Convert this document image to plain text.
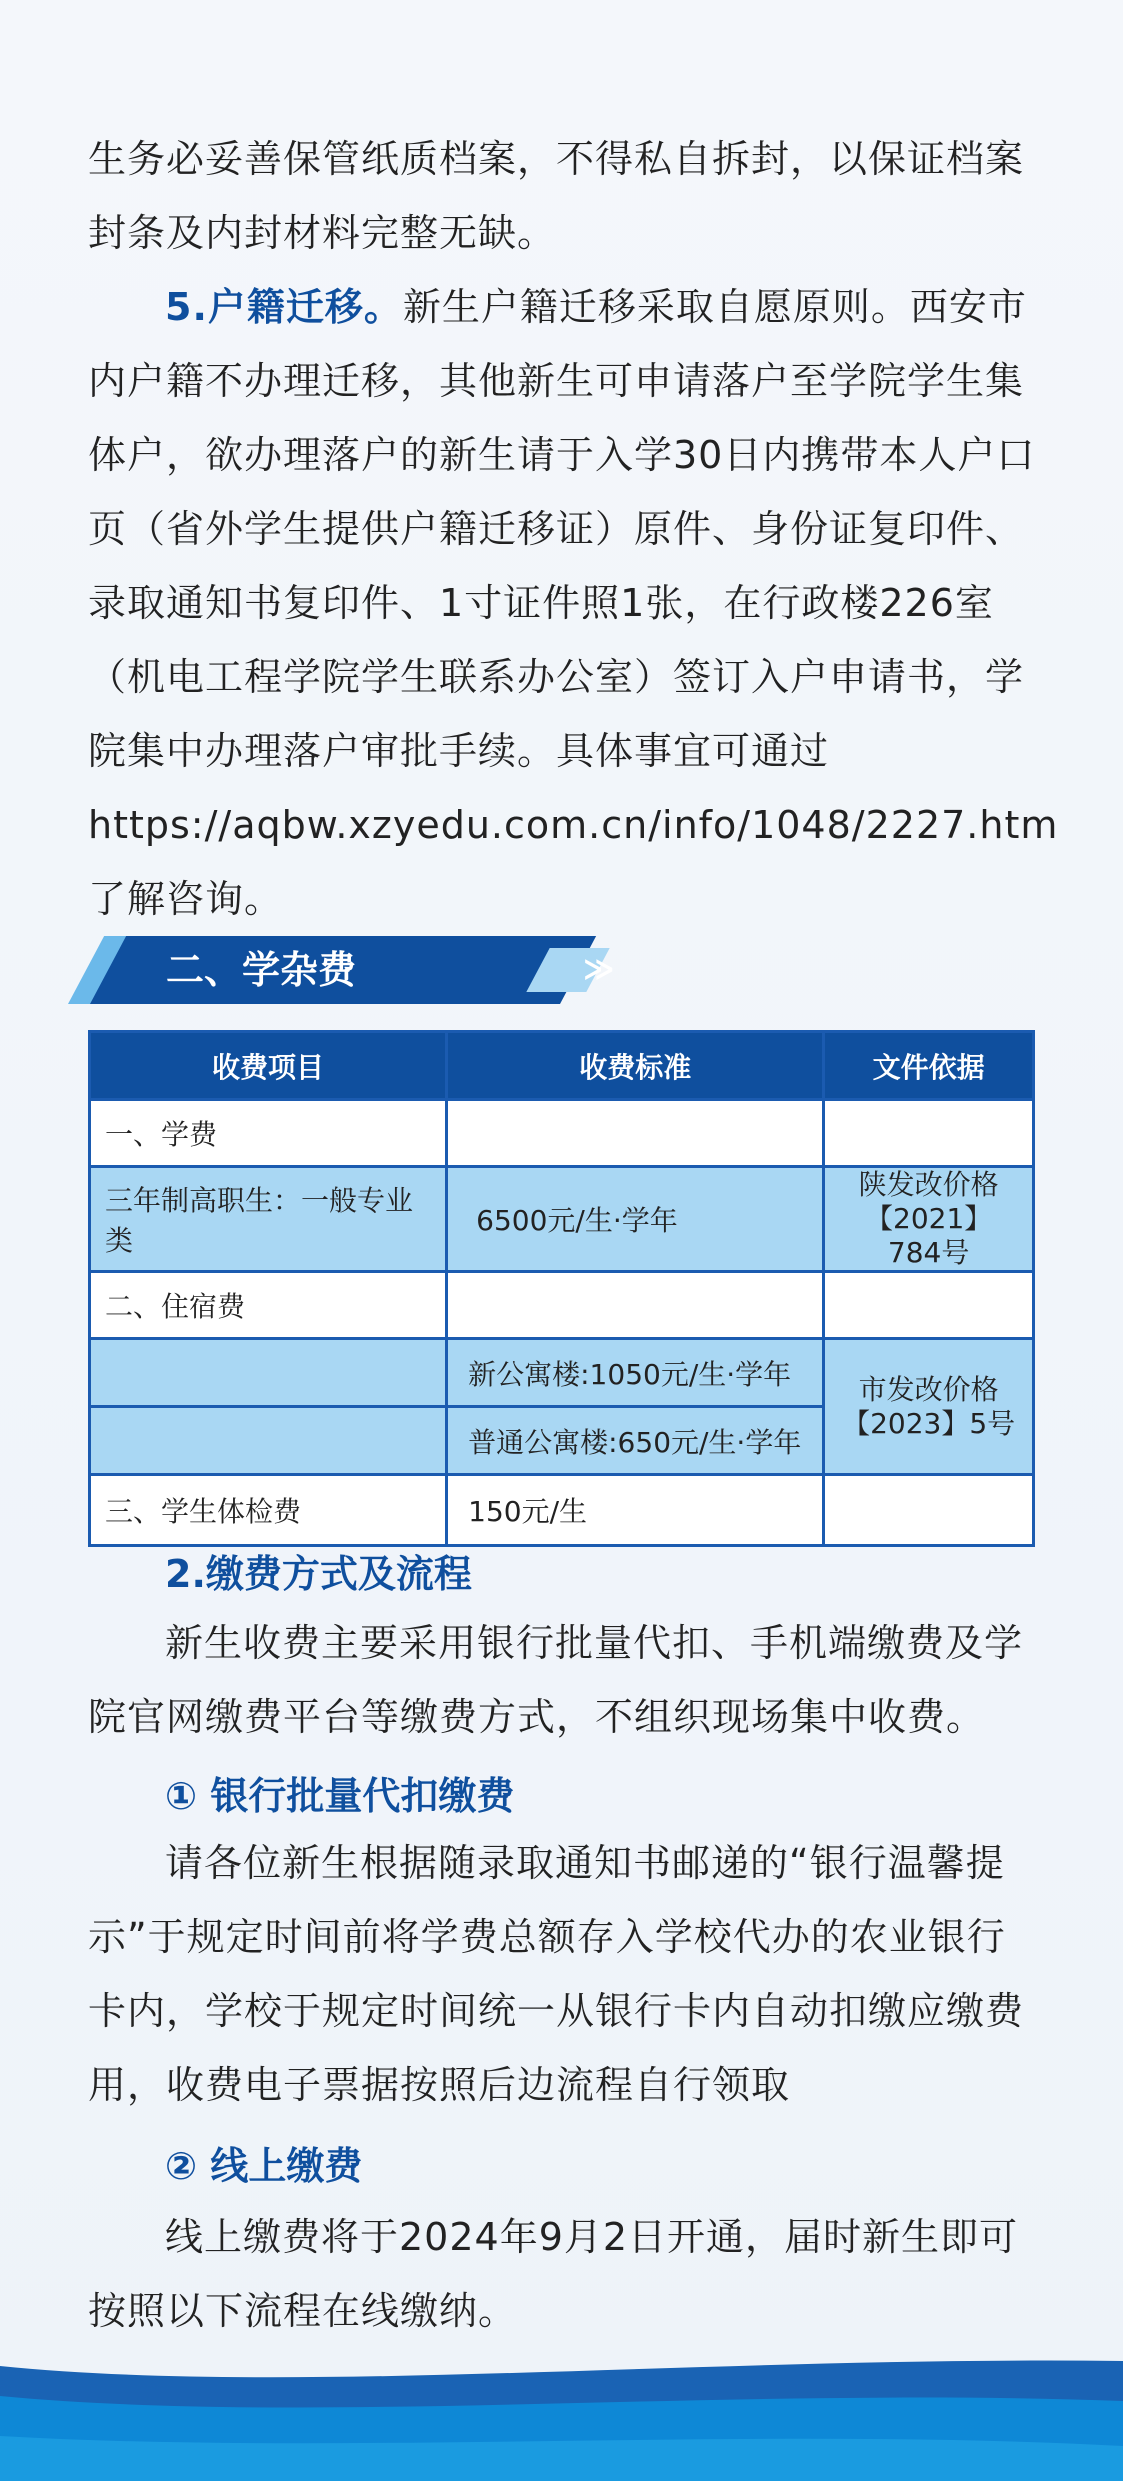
生务必妥善保管纸质档案，不得私自拆封，以保证档案封条及内封材料完整无缺。

5.户籍迁移。新生户籍迁移采取自愿原则。西安市内户籍不办理迁移，其他新生可申请落户至学院学生集体户，欲办理落户的新生请于入学30日内携带本人户口页（省外学生提供户籍迁移证）原件、身份证复印件、录取通知书复印件、1寸证件照1张，在行政楼226室（机电工程学院学生联系办公室）签订入户申请书，学院集中办理落户审批手续。具体事宜可通过 https://aqbw.xzyedu.com.cn/info/1048/2227.htm了解咨询。

≫
二、学杂费
收费项目	收费标准	文件依据
一、学费		
三年制高职生：一般专业类	6500元/生·学年	陕发改价格【2021】784号
二、住宿费		
	新公寓楼:1050元/生·学年	市发改价格【2023】5号
	普通公寓楼:650元/生·学年	
三、学生体检费	150元/生	

2.缴费方式及流程

新生收费主要采用银行批量代扣、手机端缴费及学院官网缴费平台等缴费方式，不组织现场集中收费。

① 银行批量代扣缴费

请各位新生根据随录取通知书邮递的“银行温馨提示”于规定时间前将学费总额存入学校代办的农业银行卡内，学校于规定时间统一从银行卡内自动扣缴应缴费用，收费电子票据按照后边流程自行领取

② 线上缴费

线上缴费将于2024年9月2日开通，届时新生即可按照以下流程在线缴纳。
